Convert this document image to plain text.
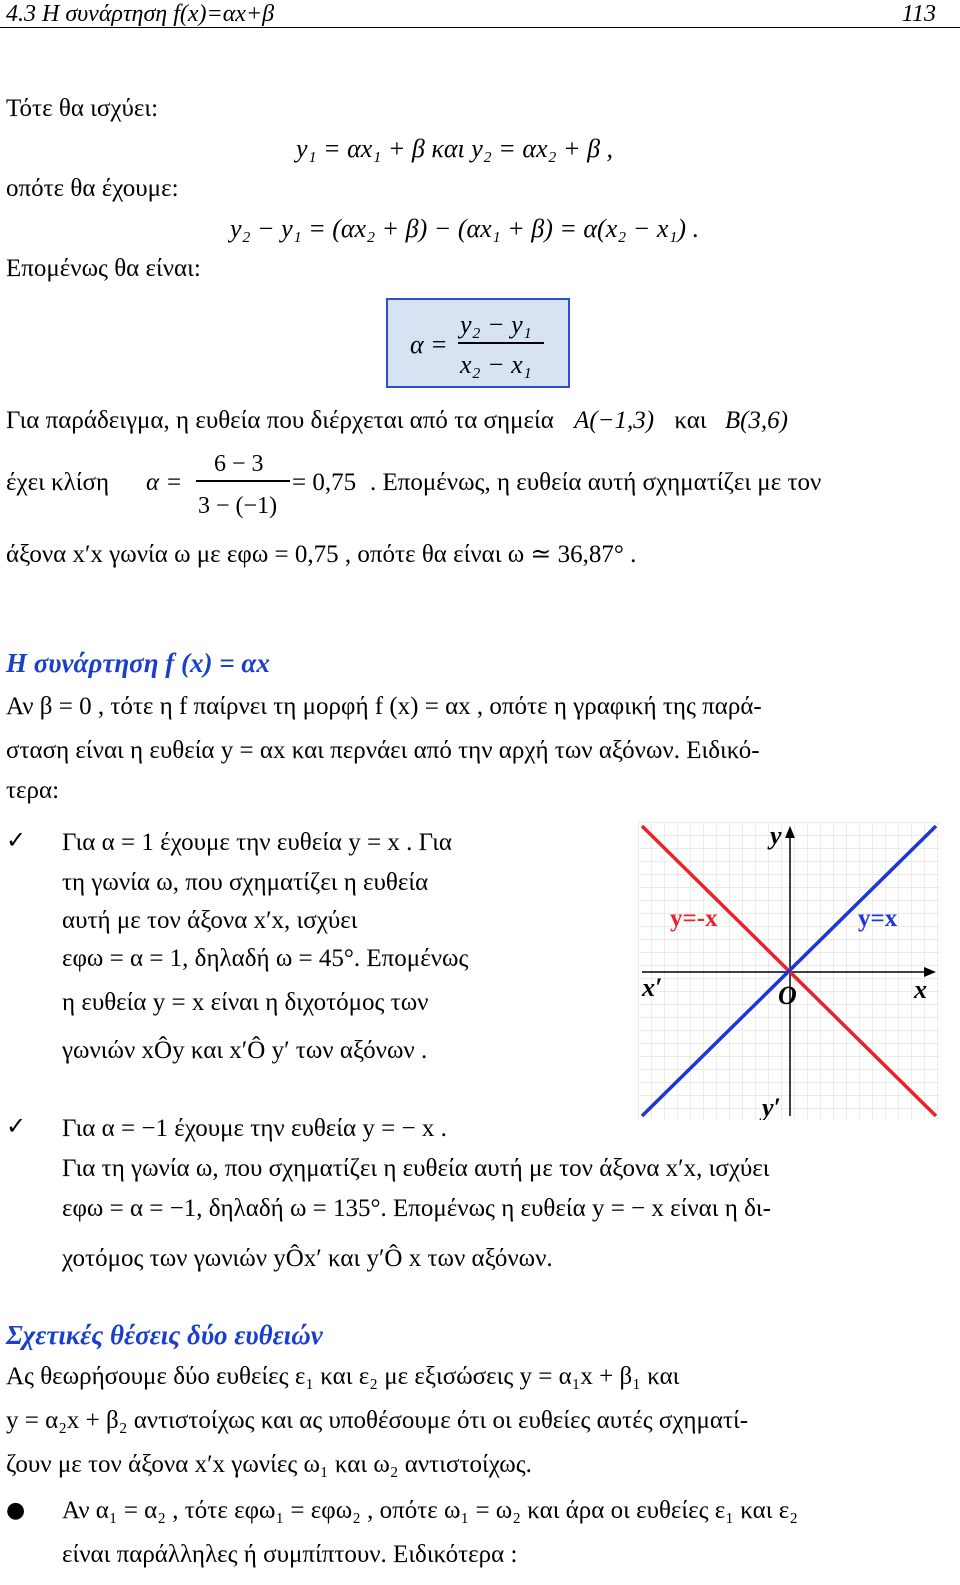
4.3 Η συνάρτηση f(x)=αx+β	113
Τότε θα ισχύει:
y₁ = αx₁ + β και y₂ = αx₂ + β ,
οπότε θα έχουμε:
y₂ − y₁ = (αx₂ + β) − (αx₁ + β) = α(x₂ − x₁) .
Επομένως θα είναι:
α =
y₂ − y₁
x₂ − x₁
Για παράδειγμα, η ευθεία που διέρχεται από τα σημεία A(−1,3) και B(3,6)
έχει κλίση α =
6 − 3
3 − (−1)
= 0,75 . Επομένως, η ευθεία αυτή σχηματίζει με τον
άξονα x′x γωνία ω με εφω = 0,75 , οπότε θα είναι ω ≃ 36,87° .
Η συνάρτηση f (x) = αx
Αν β = 0 , τότε η f παίρνει τη μορφή f (x) = αx , οπότε η γραφική της παρά-
σταση είναι η ευθεία y = αx και περνάει από την αρχή των αξόνων. Ειδικό-
τερα:
✓ Για α = 1 έχουμε την ευθεία y = x . Για
τη γωνία ω, που σχηματίζει η ευθεία
αυτή με τον άξονα x′x, ισχύει
εφω = α = 1, δηλαδή ω = 45°. Επομένως
η ευθεία y = x είναι η διχοτόμος των
γωνιών xÔy και x′Ô y′ των αξόνων .
y
y′
x′	x
O
y=-x	y=x
✓ Για α = −1 έχουμε την ευθεία y = − x .
Για τη γωνία ω, που σχηματίζει η ευθεία αυτή με τον άξονα x′x, ισχύει
εφω = α = −1, δηλαδή ω = 135°. Επομένως η ευθεία y = − x είναι η δι-
χοτόμος των γωνιών yÔx′ και y′Ô x των αξόνων.
Σχετικές θέσεις δύο ευθειών
Ας θεωρήσουμε δύο ευθείες ε₁ και ε₂ με εξισώσεις y = α₁x + β₁ και
y = α₂x + β₂ αντιστοίχως και ας υποθέσουμε ότι οι ευθείες αυτές σχηματί-
ζουν με τον άξονα x′x γωνίες ω₁ και ω₂ αντιστοίχως.
● Αν α₁ = α₂ , τότε εφω₁ = εφω₂ , οπότε ω₁ = ω₂ και άρα οι ευθείες ε₁ και ε₂
είναι παράλληλες ή συμπίπτουν. Ειδικότερα :
